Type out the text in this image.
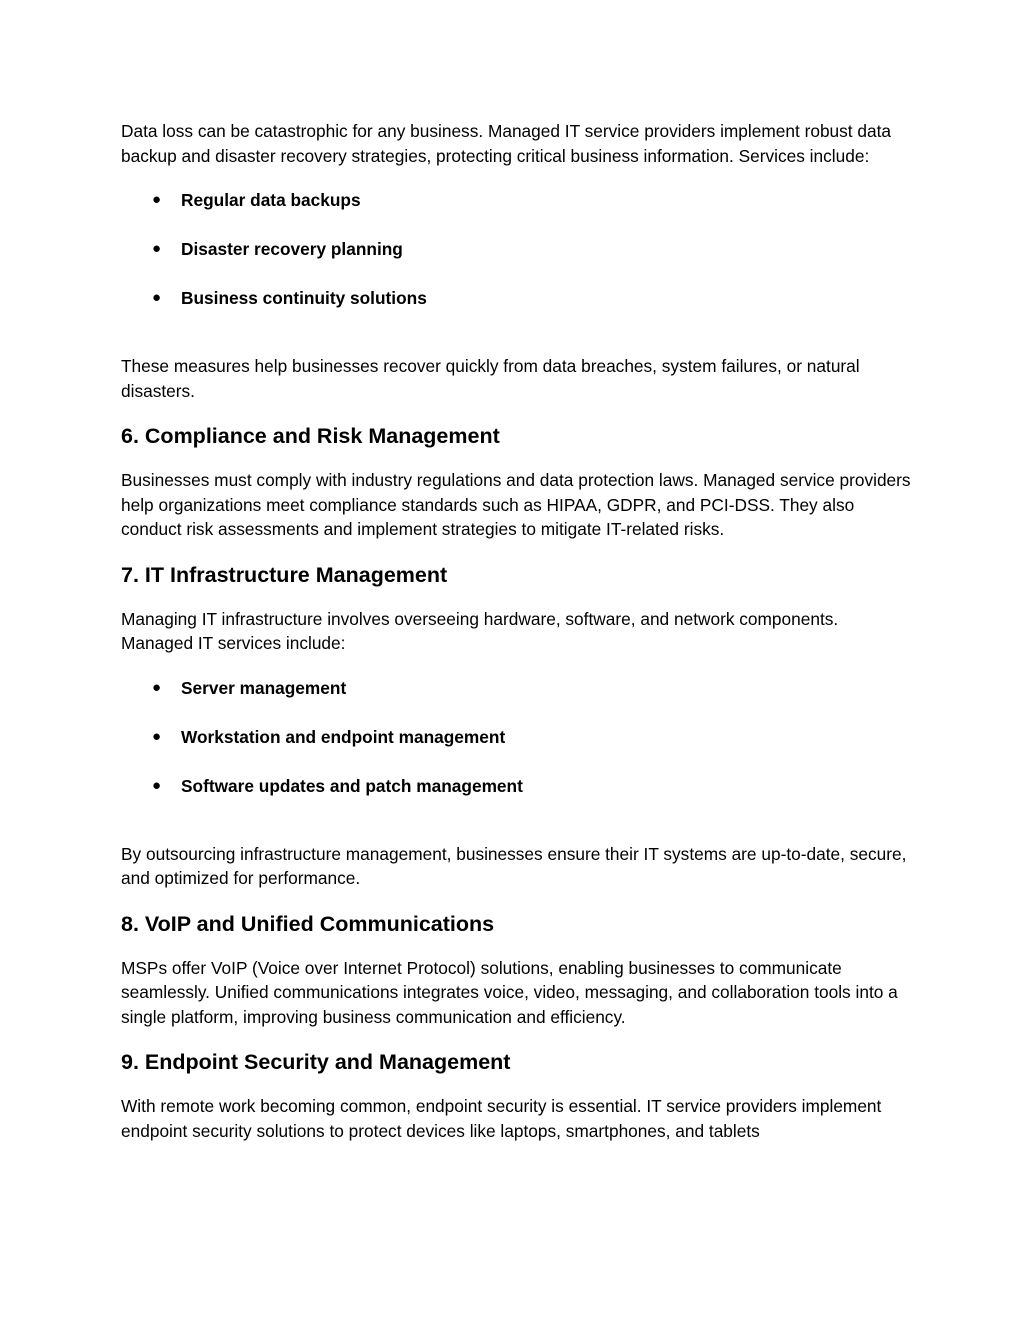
Data loss can be catastrophic for any business. Managed IT service providers implement robust data backup and disaster recovery strategies, protecting critical business information. Services include:

● Regular data backups
● Disaster recovery planning
● Business continuity solutions

These measures help businesses recover quickly from data breaches, system failures, or natural disasters.

6. Compliance and Risk Management

Businesses must comply with industry regulations and data protection laws. Managed service providers help organizations meet compliance standards such as HIPAA, GDPR, and PCI-DSS. They also conduct risk assessments and implement strategies to mitigate IT-related risks.

7. IT Infrastructure Management

Managing IT infrastructure involves overseeing hardware, software, and network components. Managed IT services include:

● Server management
● Workstation and endpoint management
● Software updates and patch management

By outsourcing infrastructure management, businesses ensure their IT systems are up-to-date, secure, and optimized for performance.

8. VoIP and Unified Communications

MSPs offer VoIP (Voice over Internet Protocol) solutions, enabling businesses to communicate seamlessly. Unified communications integrates voice, video, messaging, and collaboration tools into a single platform, improving business communication and efficiency.

9. Endpoint Security and Management

With remote work becoming common, endpoint security is essential. IT service providers implement endpoint security solutions to protect devices like laptops, smartphones, and tablets
